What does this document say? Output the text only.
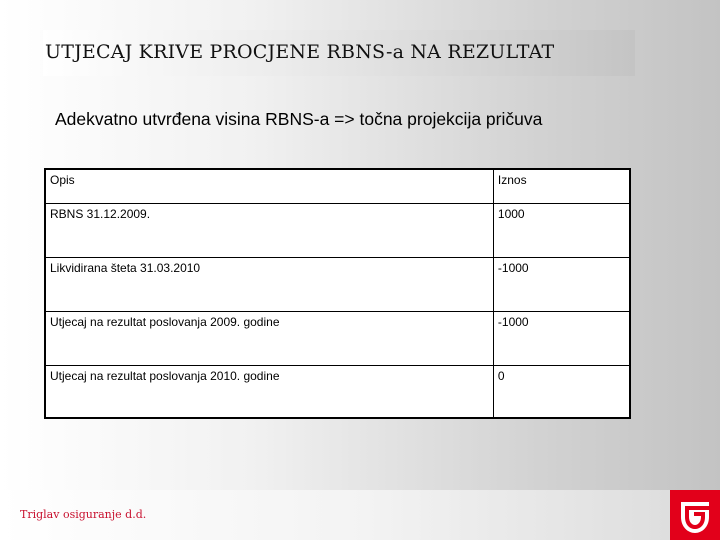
UTJECAJ KRIVE PROCJENE RBNS-a NA REZULTAT
Adekvatno utvrđena visina RBNS-a => točna projekcija pričuva
Opis	Iznos
RBNS 31.12.2009.	1000
Likvidirana šteta 31.03.2010	-1000
Utjecaj na rezultat poslovanja 2009. godine	-1000
Utjecaj na rezultat poslovanja 2010. godine	0
Triglav osiguranje d.d.
